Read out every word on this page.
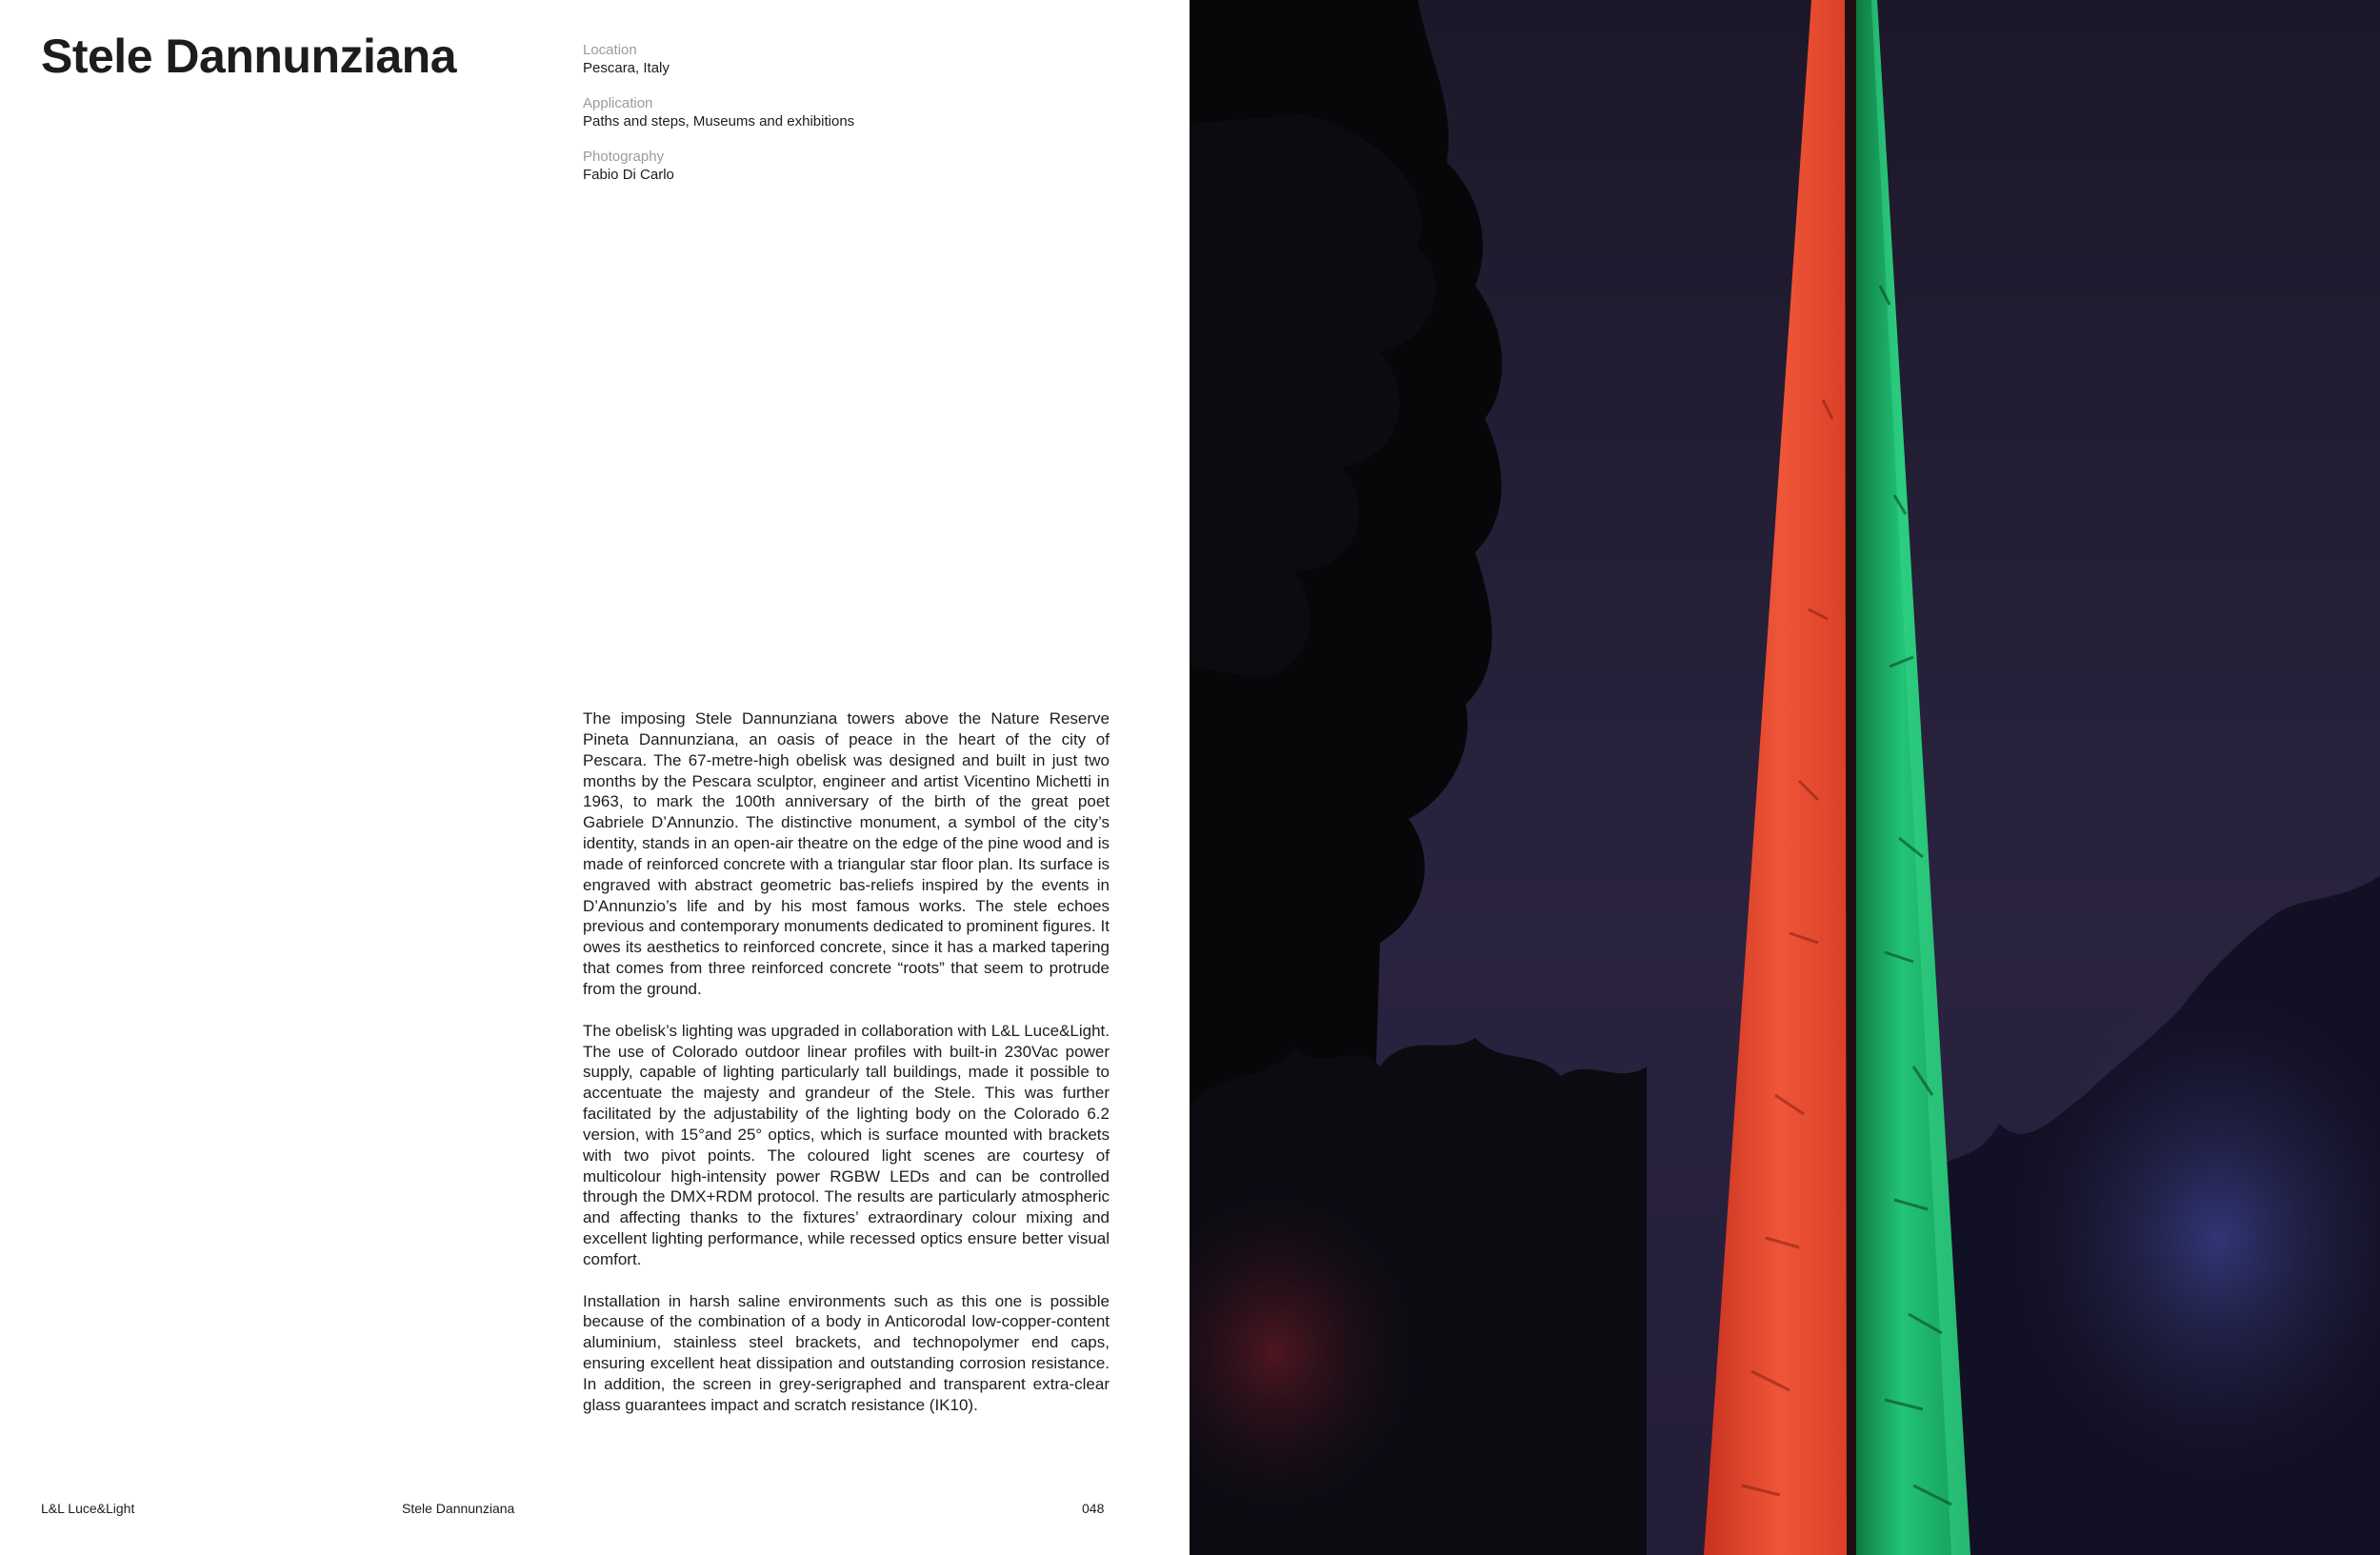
Stele Dannunziana	Location
Pescara, Italy
Application
Paths and steps, Museums and exhibitions
Photography
Fabio Di Carlo

The imposing Stele Dannunziana towers above the Nature Reserve Pineta Dannunziana, an oasis of peace in the heart of the city of Pescara. The 67-metre-high obelisk was designed and built in just two months by the Pescara sculptor, engineer and artist Vicentino Michetti in 1963, to mark the 100th anniversary of the birth of the great poet Gabriele D’Annunzio. The distinctive monument, a symbol of the city’s identity, stands in an open-air theatre on the edge of the pine wood and is made of reinforced concrete with a triangular star floor plan. Its surface is engraved with abstract geometric bas-reliefs inspired by the events in D’Annunzio’s life and by his most famous works. The stele echoes previous and contemporary monuments dedicated to prominent figures. It owes its aesthetics to reinforced concrete, since it has a marked tapering that comes from three reinforced concrete “roots” that seem to protrude from the ground.

The obelisk’s lighting was upgraded in collaboration with L&L Luce&Light. The use of Colorado outdoor linear profiles with built-in 230Vac power supply, capable of lighting particularly tall buildings, made it possible to accentuate the majesty and grandeur of the Stele. This was further facilitated by the adjustability of the lighting body on the Colorado 6.2 version, with 15°and 25° optics, which is surface mounted with brackets with two pivot points. The coloured light scenes are courtesy of multicolour high-intensity power RGBW LEDs and can be controlled through the DMX+RDM protocol. The results are particularly atmospheric and affecting thanks to the fixtures’ extraordinary colour mixing and excellent lighting performance, while recessed optics ensure better visual comfort.

Installation in harsh saline environments such as this one is possible because of the combination of a body in Anticorodal low-copper-content aluminium, stainless steel brackets, and technopolymer end caps, ensuring excellent heat dissipation and outstanding corrosion resistance. In addition, the screen in grey-serigraphed and transparent extra-clear glass guarantees impact and scratch resistance (IK10).

L&L Luce&Light	Stele Dannunziana	048
